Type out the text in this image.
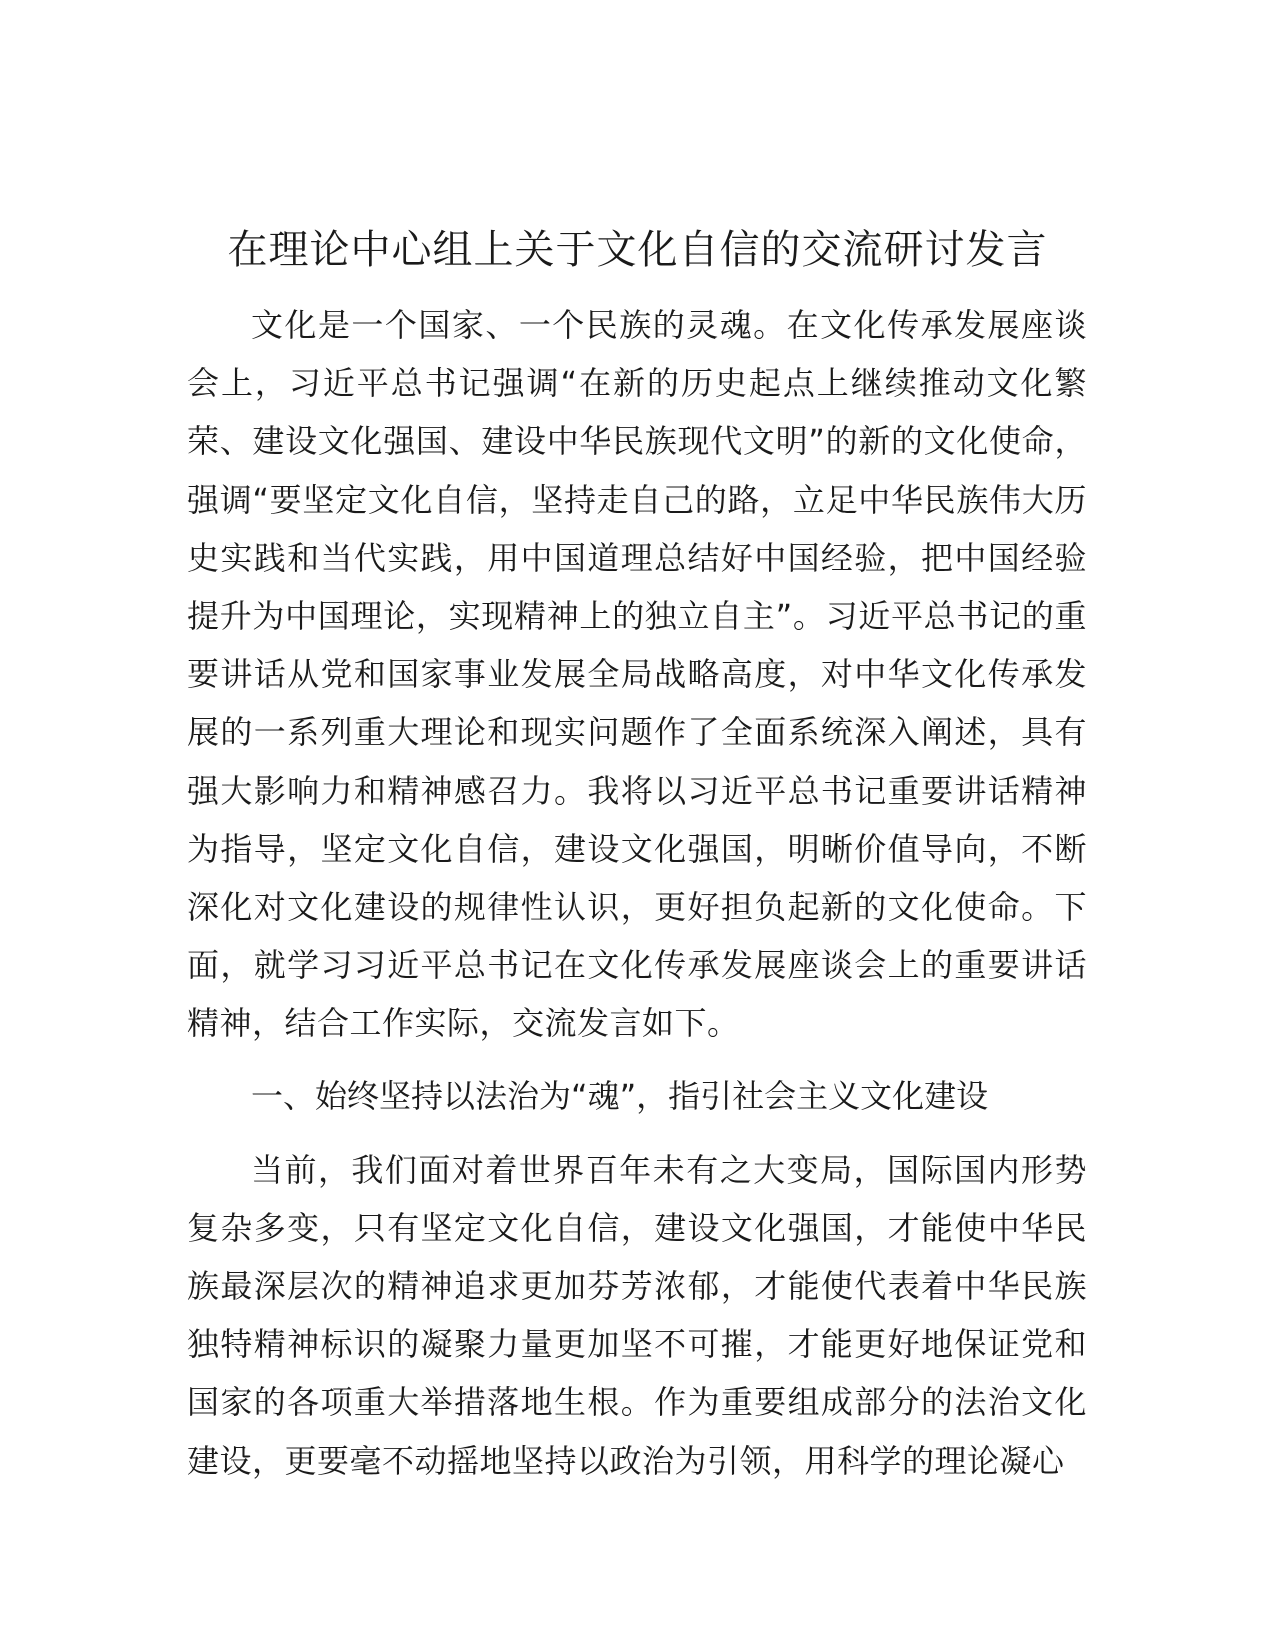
在理论中心组上关于文化自信的交流研讨发言

文化是一个国家、一个民族的灵魂。在文化传承发展座谈会上，习近平总书记强调“在新的历史起点上继续推动文化繁荣、建设文化强国、建设中华民族现代文明”的新的文化使命，强调“要坚定文化自信，坚持走自己的路，立足中华民族伟大历史实践和当代实践，用中国道理总结好中国经验，把中国经验提升为中国理论，实现精神上的独立自主”。习近平总书记的重要讲话从党和国家事业发展全局战略高度，对中华文化传承发展的一系列重大理论和现实问题作了全面系统深入阐述，具有强大影响力和精神感召力。我将以习近平总书记重要讲话精神为指导，坚定文化自信，建设文化强国，明晰价值导向，不断深化对文化建设的规律性认识，更好担负起新的文化使命。下面，就学习习近平总书记在文化传承发展座谈会上的重要讲话精神，结合工作实际，交流发言如下。

一、始终坚持以法治为“魂”，指引社会主义文化建设

当前，我们面对着世界百年未有之大变局，国际国内形势复杂多变，只有坚定文化自信，建设文化强国，才能使中华民族最深层次的精神追求更加芬芳浓郁，才能使代表着中华民族独特精神标识的凝聚力量更加坚不可摧，才能更好地保证党和国家的各项重大举措落地生根。作为重要组成部分的法治文化建设，更要毫不动摇地坚持以政治为引领，用科学的理论凝心
